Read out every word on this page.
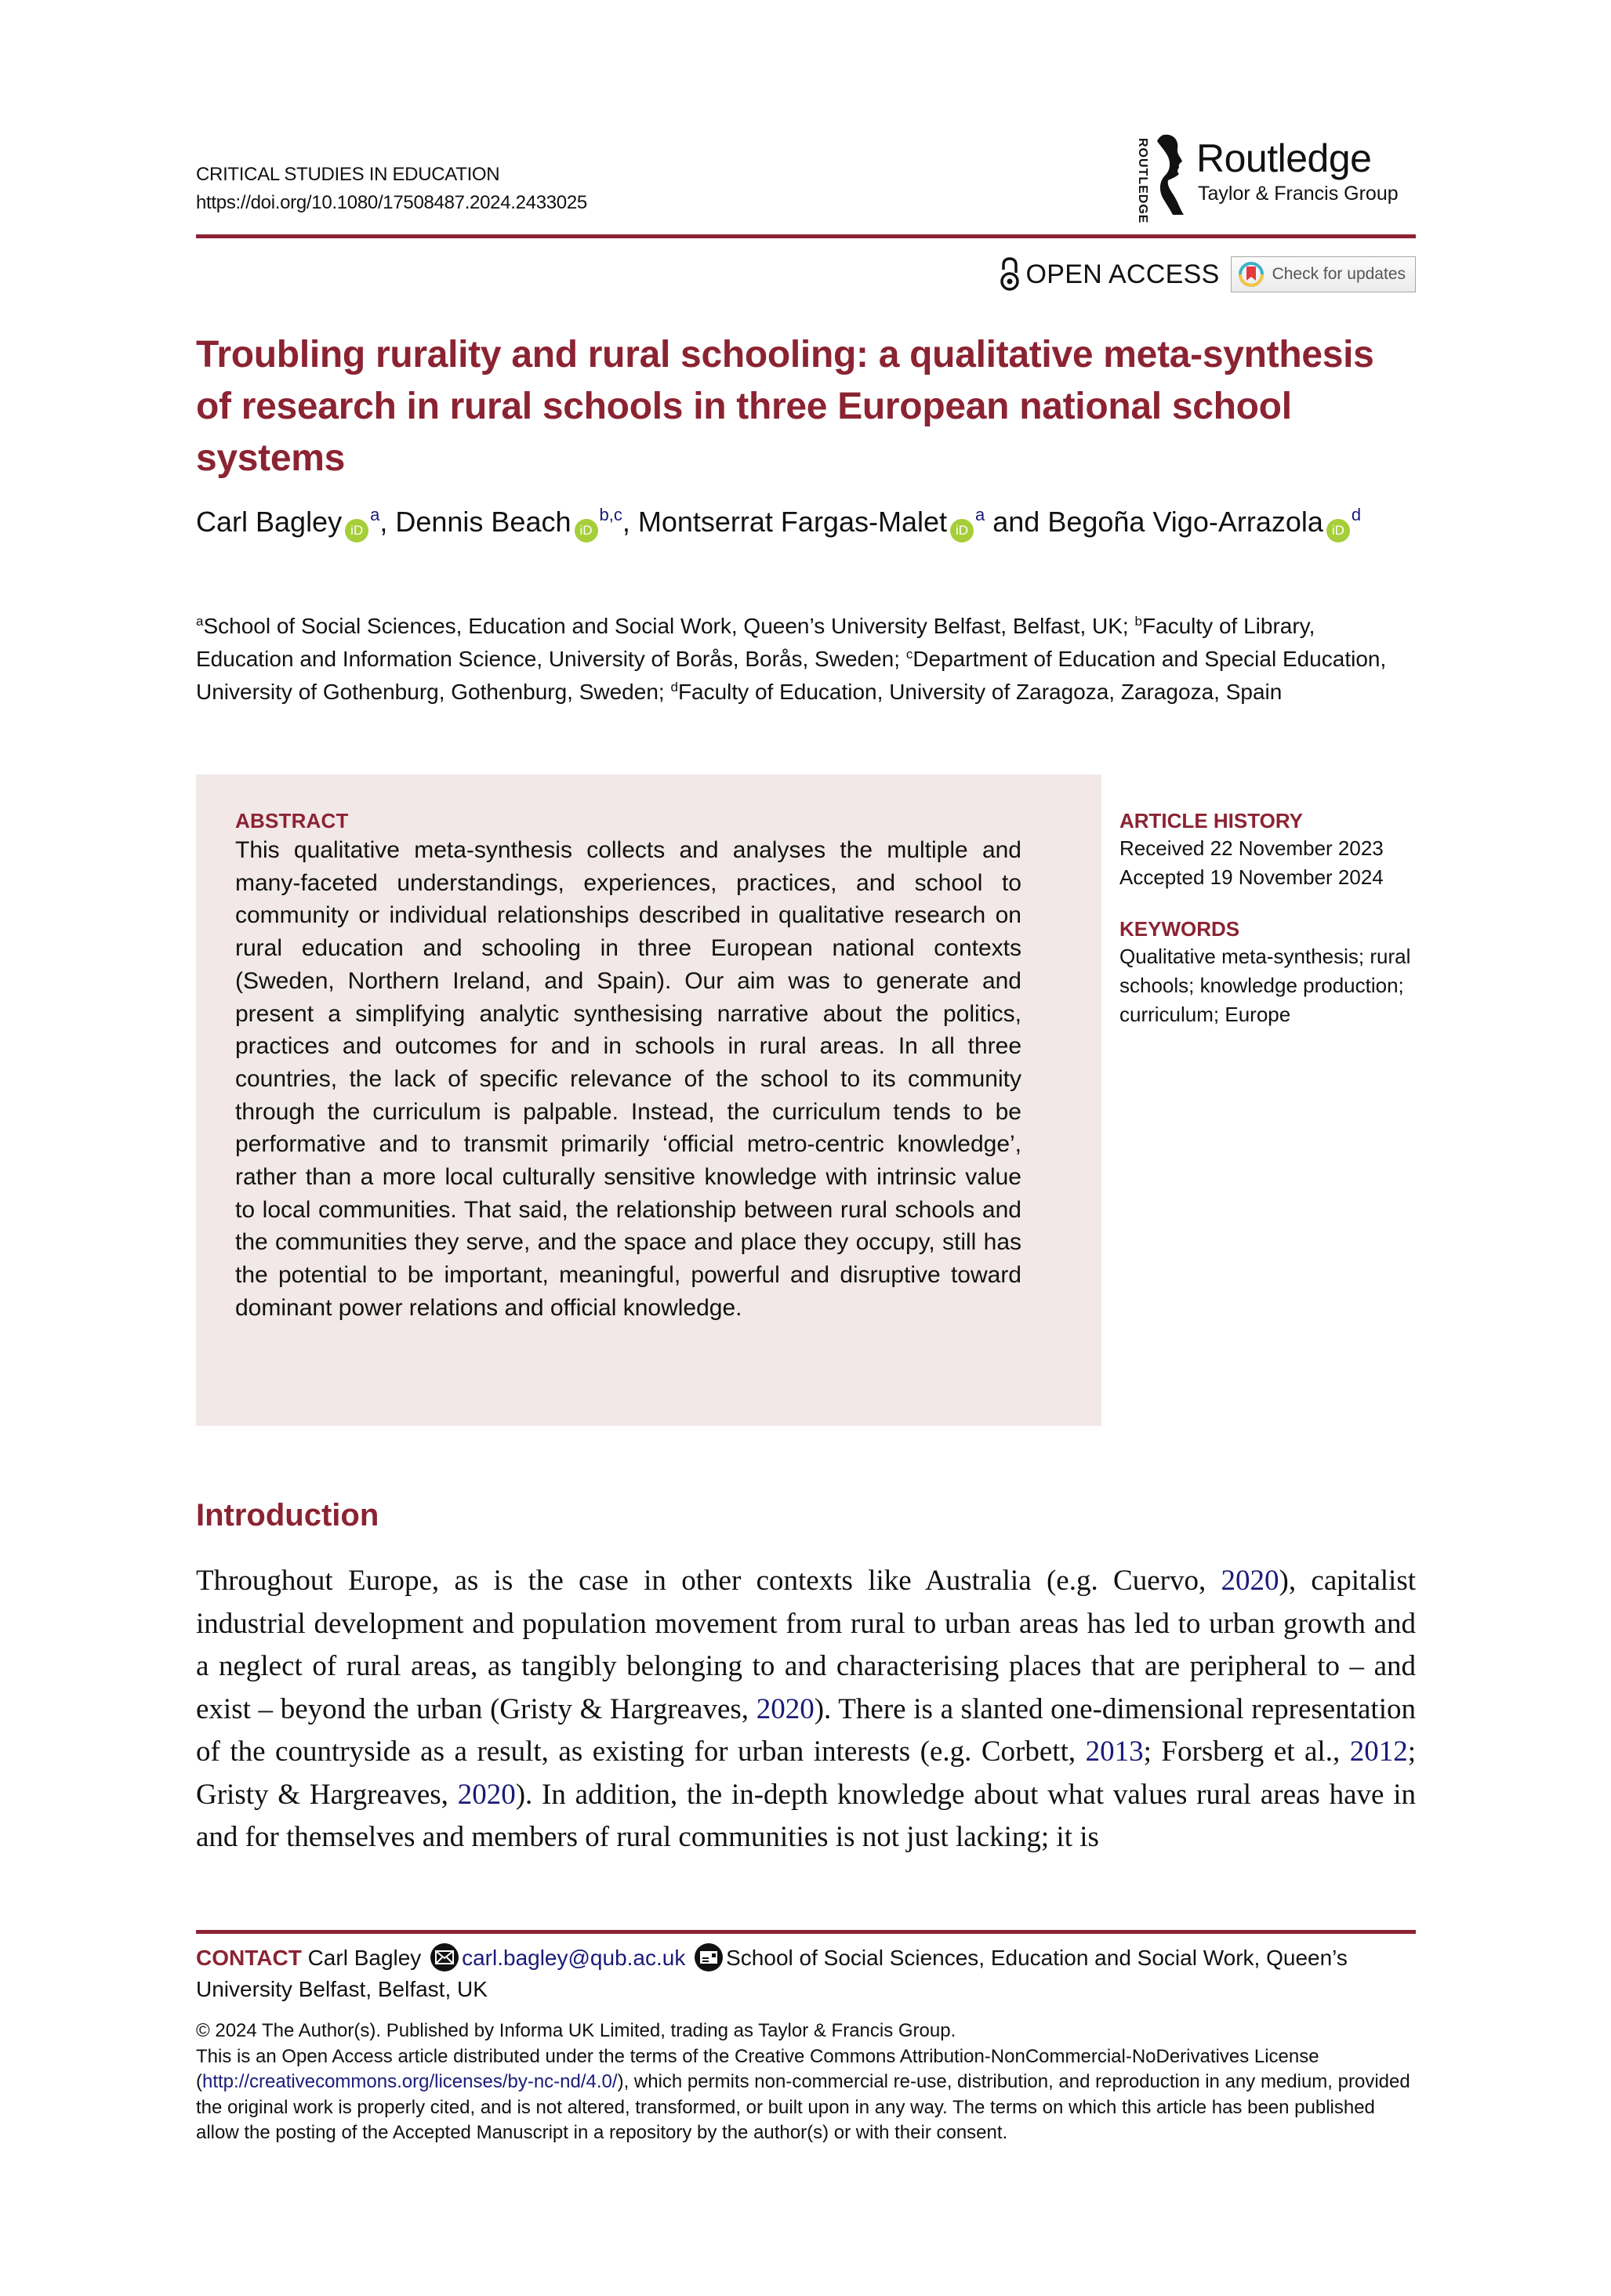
CRITICAL STUDIES IN EDUCATION
https://doi.org/10.1080/17508487.2024.2433025	ROUTLEDGE Routledge
Taylor & Francis Group
OPEN ACCESS	Check for updates
Troubling rurality and rural schooling: a qualitative meta-synthesis of research in rural schools in three European national school systems
Carl Bagley $iD^a$, Dennis Beach iD$^{b,c}$, Montserrat Fargas-Malet $iD^a$ and Begoña Vigo-Arrazola $iD^d$
$^a$School of Social Sciences, Education and Social Work, Queen’s University Belfast, Belfast, UK; $^b$Faculty of Library, Education and Information Science, University of Borås, Borås, Sweden; $^c$Department of Education and Special Education, University of Gothenburg, Gothenburg, Sweden; $^d$Faculty of Education, University of Zaragoza, Zaragoza, Spain
ABSTRACT

This qualitative meta-synthesis collects and analyses the multiple and many-faceted understandings, experiences, practices, and school to community or individual relationships described in qualitative research on rural education and schooling in three European national contexts (Sweden, Northern Ireland, and Spain). Our aim was to generate and present a simplifying analytic synthesising narrative about the politics, practices and outcomes for and in schools in rural areas. In all three countries, the lack of specific relevance of the school to its community through the curriculum is palpable. Instead, the curriculum tends to be performative and to transmit primarily ‘official metro-centric knowledge’, rather than a more local culturally sensitive knowledge with intrinsic value to local communities. That said, the relationship between rural schools and the communities they serve, and the space and place they occupy, still has the potential to be important, meaningful, powerful and disruptive toward dominant power relations and official knowledge.

ARTICLE HISTORY
Received 22 November 2023
Accepted 19 November 2024
KEYWORDS
Qualitative meta-synthesis; rural schools; knowledge production; curriculum; Europe
Introduction

Throughout Europe, as is the case in other contexts like Australia (e.g. Cuervo, 2020), capitalist industrial development and population movement from rural to urban areas has led to urban growth and a neglect of rural areas, as tangibly belonging to and characterising places that are peripheral to – and exist – beyond the urban (Gristy & Hargreaves, 2020). There is a slanted one-dimensional representation of the countryside as a result, as existing for urban interests (e.g. Corbett, 2013; Forsberg et al., 2012; Gristy & Hargreaves, 2020). In addition, the in-depth knowledge about what values rural areas have in and for themselves and members of rural communities is not just lacking; it is

CONTACT Carl Bagley carl.bagley@qub.ac.uk School of Social Sciences, Education and Social Work, Queen’s University Belfast, Belfast, UK

© 2024 The Author(s). Published by Informa UK Limited, trading as Taylor & Francis Group.

This is an Open Access article distributed under the terms of the Creative Commons Attribution-NonCommercial-NoDerivatives License (http://creativecommons.org/licenses/by-nc-nd/4.0/), which permits non-commercial re-use, distribution, and reproduction in any medium, provided the original work is properly cited, and is not altered, transformed, or built upon in any way. The terms on which this article has been published allow the posting of the Accepted Manuscript in a repository by the author(s) or with their consent.
